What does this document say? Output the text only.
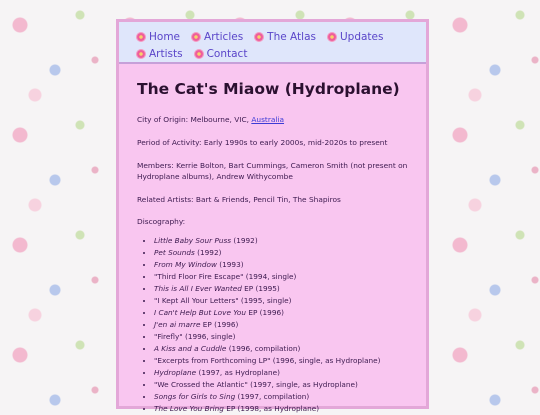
Home Articles The Atlas Updates
Artists Contact
The Cat's Miaow (Hydroplane)

City of Origin: Melbourne, VIC, Australia

Period of Activity: Early 1990s to early 2000s, mid-2020s to present

Members: Kerrie Bolton, Bart Cummings, Cameron Smith (not present on Hydroplane albums), Andrew Withycombe

Related Artists: Bart & Friends, Pencil Tin, The Shapiros

Discography:

• Little Baby Sour Puss (1992)
• Pet Sounds (1992)
• From My Window (1993)
• "Third Floor Fire Escape" (1994, single)
• This is All I Ever Wanted EP (1995)
• "I Kept All Your Letters" (1995, single)
• I Can't Help But Love You EP (1996)
• J'en ai marre EP (1996)
• "Firefly" (1996, single)
• A Kiss and a Cuddle (1996, compilation)
• "Excerpts from Forthcoming LP" (1996, single, as Hydroplane)
• Hydroplane (1997, as Hydroplane)
• "We Crossed the Atlantic" (1997, single, as Hydroplane)
• Songs for Girls to Sing (1997, compilation)
• The Love You Bring EP (1998, as Hydroplane)
